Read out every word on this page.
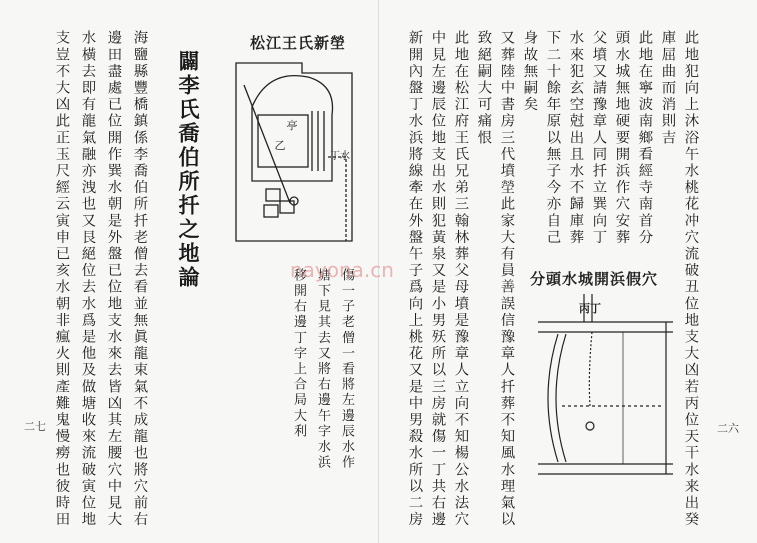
此地犯向上沐浴午水桃花冲穴流破丑位地支大凶若丙位天干水来出癸
庫屈曲而消則吉
此地在寧波南鄉看經寺南首分
頭水城無地硬要開浜作穴安葬
父墳又請豫章人同扦立巽向丁
水來犯玄空尅出且水不歸庫葬
下二十餘年原以無子今亦自己
身故無嗣矣
又葬陸中書房三代墳塋此家大有員善誤信豫章人扦葬不知風水理氣以
致絕嗣大可痛恨
此地在松江府王氏兄弟三翰林葬父母墳是豫章人立向不知楊公水法穴
中見左邊辰位地支出水則犯黃泉又是小男殀所以三房就傷一丁共右邊
新開內盤丁水浜將線牽在外盤午子爲向上桃花又是中男殺水所以二房	分頭水城開浜假穴
丙丁
二六
松江王氏新塋
乙
亭
丁水
傷一子老僧一看將左邊辰水作
塘下見其去又將右邊午字水浜
移開右邊丁字上合局大利
闢李氏喬伯所扦之地論
海鹽縣豐橋鎮係李喬伯所扦老僧去看並無眞龍束氣不成龍也將穴前右
邊田盡處已位開作巽水朝是外盤已位地支水來去皆凶其左腰穴中見大
水橫去即有龍氣融亦洩也又艮絕位去水爲是他及做塘收來流破寅位地
支豈不大凶此正玉尺經云寅申已亥水朝非瘋火則產難鬼慢癆也彼時田
二七
nayona.cn
